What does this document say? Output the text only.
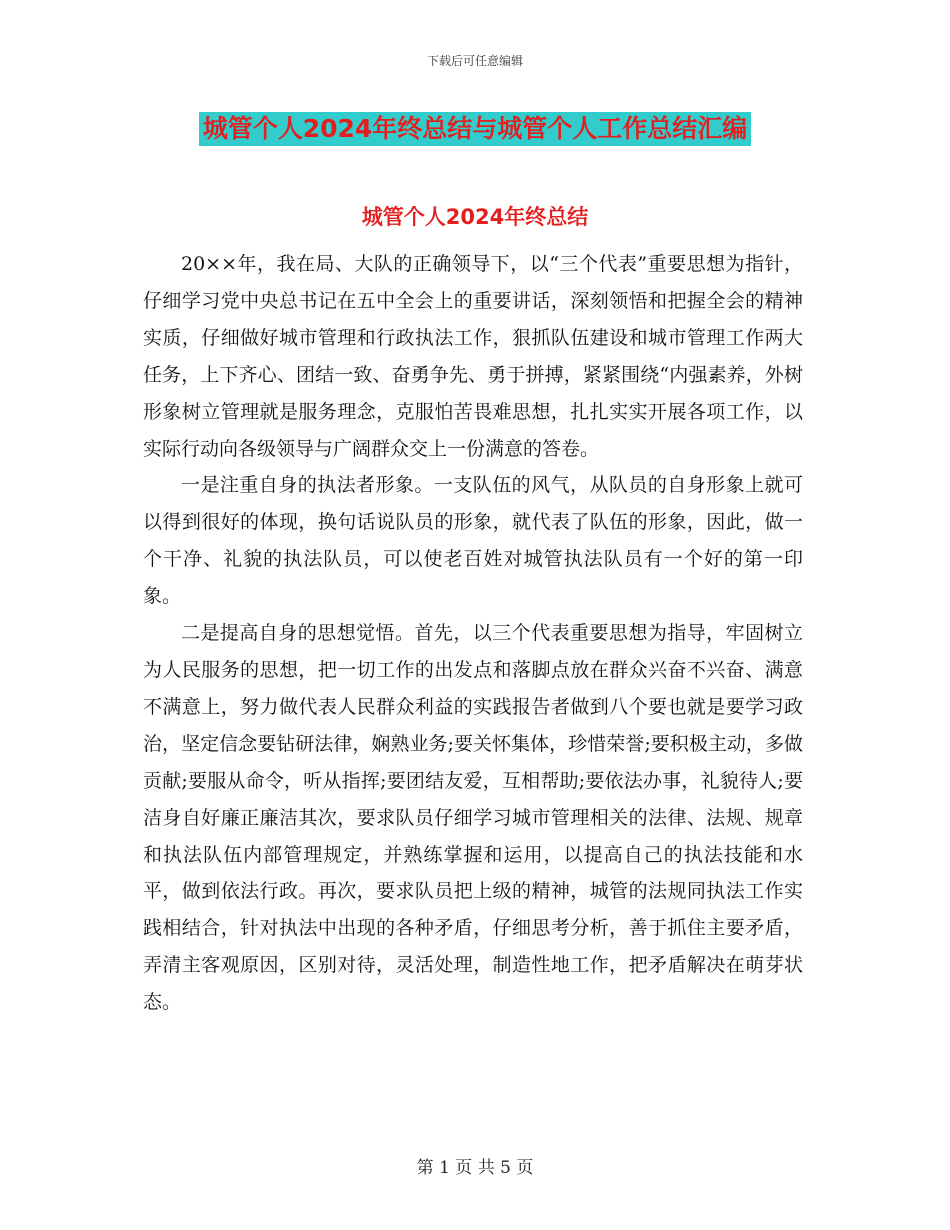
下载后可任意编辑
城管个人2024年终总结与城管个人工作总结汇编
城管个人2024年终总结

20××年，我在局、大队的正确领导下，以“三个代表”重要思想为指针，仔细学习党中央总书记在五中全会上的重要讲话，深刻领悟和把握全会的精神实质，仔细做好城市管理和行政执法工作，狠抓队伍建设和城市管理工作两大任务，上下齐心、团结一致、奋勇争先、勇于拼搏，紧紧围绕“内强素养，外树形象树立管理就是服务理念，克服怕苦畏难思想，扎扎实实开展各项工作，以实际行动向各级领导与广阔群众交上一份满意的答卷。

一是注重自身的执法者形象。一支队伍的风气，从队员的自身形象上就可以得到很好的体现，换句话说队员的形象，就代表了队伍的形象，因此，做一个干净、礼貌的执法队员，可以使老百姓对城管执法队员有一个好的第一印象。

二是提高自身的思想觉悟。首先，以三个代表重要思想为指导，牢固树立为人民服务的思想，把一切工作的出发点和落脚点放在群众兴奋不兴奋、满意不满意上，努力做代表人民群众利益的实践报告者做到八个要也就是要学习政治，坚定信念要钻研法律，娴熟业务;要关怀集体，珍惜荣誉;要积极主动，多做贡献;要服从命令，听从指挥;要团结友爱，互相帮助;要依法办事，礼貌待人;要洁身自好廉正廉洁其次，要求队员仔细学习城市管理相关的法律、法规、规章和执法队伍内部管理规定，并熟练掌握和运用，以提高自己的执法技能和水平，做到依法行政。再次，要求队员把上级的精神，城管的法规同执法工作实践相结合，针对执法中出现的各种矛盾，仔细思考分析，善于抓住主要矛盾，弄清主客观原因，区别对待，灵活处理，制造性地工作，把矛盾解决在萌芽状态。

第 1 页 共 5 页
